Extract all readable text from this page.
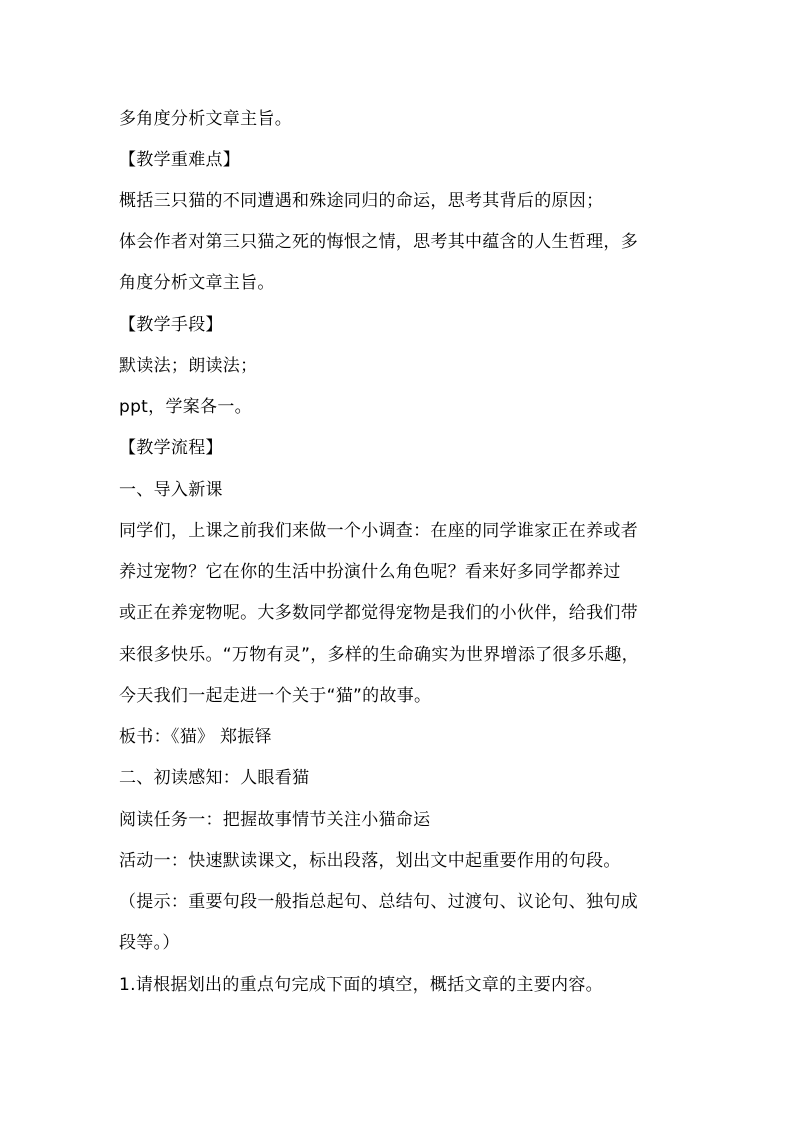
多角度分析文章主旨。

【教学重难点】

概括三只猫的不同遭遇和殊途同归的命运，思考其背后的原因；

体会作者对第三只猫之死的悔恨之情，思考其中蕴含的人生哲理，多

角度分析文章主旨。

【教学手段】

默读法；朗读法；

ppt，学案各一。

【教学流程】

一、导入新课

同学们，上课之前我们来做一个小调查：在座的同学谁家正在养或者

养过宠物？它在你的生活中扮演什么角色呢？看来好多同学都养过

或正在养宠物呢。大多数同学都觉得宠物是我们的小伙伴，给我们带

来很多快乐。“万物有灵”，多样的生命确实为世界增添了很多乐趣，

今天我们一起走进一个关于“猫”的故事。

板书：《猫》 郑振铎

二、初读感知：人眼看猫

阅读任务一：把握故事情节关注小猫命运

活动一：快速默读课文，标出段落，划出文中起重要作用的句段。

（提示：重要句段一般指总起句、总结句、过渡句、议论句、独句成

段等。）

1.请根据划出的重点句完成下面的填空，概括文章的主要内容。
